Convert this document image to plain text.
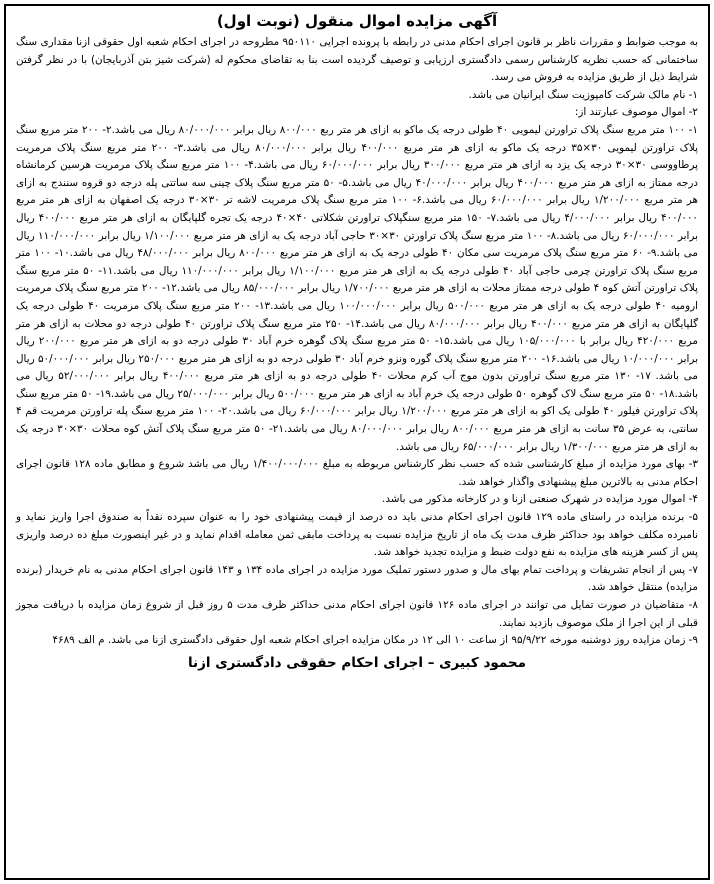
آگهی مزایده اموال منقول (نوبت اول)

به موجب ضوابط و مقررات ناظر بر قانون اجرای احکام مدنی در رابطه با پرونده اجرایی ۹۵۰۱۱۰ مطروحه در اجرای احکام شعبه اول حقوقی ازنا مقداری سنگ ساختمانی که حسب نظریه کارشناس رسمی دادگستری ارزیابی و توصیف گردیده است بنا به تقاضای محکوم له (شرکت شیز بتن آذربایجان) با در نظر گرفتن شرایط ذیل از طریق مزایده به فروش می رسد.

۱- نام مالک شرکت کامپوزیت سنگ ایرانیان می باشد.

۲- اموال موصوف عبارتند از:

۱- ۱۰۰ متر مربع سنگ پلاک تراورتن لیمویی ۴۰ طولی درجه یک ماکو به ازای هر متر ربع ۸۰۰/۰۰۰ ریال برابر ۸۰/۰۰۰/۰۰۰ ریال می باشد.۲- ۲۰۰ متر مربع سنگ پلاک تراورتن لیمویی ۳۰×۳۵ درجه یک ماکو به ازای هر متر مربع ۴۰۰/۰۰۰ ریال برابر ۸۰/۰۰۰/۰۰۰ ریال می باشد.۳- ۲۰۰ متر مربع سنگ پلاک مرمریت پرطاووسی ۳۰×۳۰ درجه یک یزد به ازای هر متر مربع ۳۰۰/۰۰۰ ریال برابر ۶۰/۰۰۰/۰۰۰ ریال می باشد.۴- ۱۰۰ متر مربع سنگ پلاک مرمریت هرسین کرمانشاه درجه ممتاز به ازای هر متر مربع ۴۰۰/۰۰۰ ریال برابر ۴۰/۰۰۰/۰۰۰ ریال می باشد.۵- ۵۰ متر مربع سنگ پلاک چینی سه ساتتی پله درجه دو قروه سنندج به ازای هر متر مربع ۱/۲۰۰/۰۰۰ ریال برابر ۶۰/۰۰۰/۰۰۰ ریال می باشد.۶- ۱۰۰ متر مربع سنگ پلاک مرمریت لاشه تر ۳۰×۳۰ درجه یک اصفهان به ازای هر متر مربع ۴۰۰/۰۰۰ ریال برابر ۴/۰۰۰/۰۰۰ ریال می باشد.۷- ۱۵۰ متر مربع سنگپلاک تراورتن شکلاتی ۴۰×۴۰ درجه یک تجره گلپایگان به ازای هر متر مربع ۴۰۰/۰۰۰ ریال برابر ۶۰/۰۰۰/۰۰۰ ریال می باشد.۸- ۱۰۰ متر مربع سنگ پلاک تراورتن ۳۰×۳۰ حاجی آباد درجه یک به ازای هر متر مربع ۱/۱۰۰/۰۰۰ ریال برابر ۱۱۰/۰۰۰/۰۰۰ ریال می باشد.۹- ۶۰ متر مربع سنگ پلاک مرمریت سی مکان ۴۰ طولی درجه یک به ازای هر متر مربع ۸۰۰/۰۰۰ ریال برابر ۴۸/۰۰۰/۰۰۰ ریال می باشد.۱۰- ۱۰۰ متر مربع سنگ پلاک تراورتن چرمی حاجی آباد ۴۰ طولی درجه یک به ازای هر متر مربع ۱/۱۰۰/۰۰۰ ریال برابر ۱۱۰/۰۰۰/۰۰۰ ریال می باشد.۱۱- ۵۰ متر مربع سنگ پلاک تراورتن آتش کوه ۴ طولی درجه ممتاز محلات به ازای هر متر مربع ۱/۷۰۰/۰۰۰ ریال برابر ۸۵/۰۰۰/۰۰۰ ریال می باشد.۱۲- ۲۰۰ متر مربع سنگ پلاک مرمریت ارومیه ۴۰ طولی درجه یک به ازای هر متر مربع ۵۰۰/۰۰۰ ریال برابر ۱۰۰/۰۰۰/۰۰۰ ریال می باشد.۱۳- ۲۰۰ متر مربع سنگ پلاک مرمریت ۴۰ طولی درجه یک گلپایگان به ازای هر متر مربع ۴۰۰/۰۰۰ ریال برابر ۸۰/۰۰۰/۰۰۰ ریال می باشد.۱۴- ۲۵۰ متر مربع سنگ پلاک تراورتن ۴۰ طولی درجه دو محلات به ازای هر متر مربع ۴۲۰/۰۰۰ ریال برابر با ۱۰۵/۰۰۰/۰۰۰ ریال می باشد.۱۵- ۵۰ متر مربع سنگ پلاک گوهره خرم آباد ۳۰ طولی درجه دو به ازای هر متر مربع ۲۰۰/۰۰۰ ریال برابر ۱۰/۰۰۰/۰۰۰ ریال می باشد.۱۶- ۲۰۰ متر مربع سنگ پلاک گوره ونزو خرم آباد ۳۰ طولی درجه دو به ازای هر متر مربع ۲۵۰/۰۰۰ ریال برابر ۵۰/۰۰۰/۰۰۰ ریال می باشد. ۱۷- ۱۳۰ متر مربع سنگ تراورتن بدون موج آب کرم محلات ۴۰ طولی درجه دو به ازای هر متر مربع ۴۰۰/۰۰۰ ریال برابر ۵۲/۰۰۰/۰۰۰ ریال می باشد.۱۸- ۵۰ متر مربع سنگ لاک گوهره ۵۰ طولی درجه یک خرم آباد به ازای هر متر مربع ۵۰۰/۰۰۰ ریال برابر ۲۵/۰۰۰/۰۰۰ ریال می باشد.۱۹- ۵۰ متر مربع سنگ پلاک تراورتن فیلور ۴۰ طولی یک اکو به ازای هر متر مربع ۱/۲۰۰/۰۰۰ ریال برابر ۶۰/۰۰۰/۰۰۰ ریال می باشد.۲۰- ۱۰۰ متر مربع سنگ پله تراورتن مرمریت قم ۴ سانتی، به عرض ۳۵ سانت به ازای هر متر مربع ۸۰۰/۰۰۰ ریال برابر ۸۰/۰۰۰/۰۰۰ ریال می باشد.۲۱- ۵۰ متر مربع سنگ پلاک آتش کوه محلات ۳۰×۳۰ درجه یک به ازای هر متر مربع ۱/۳۰۰/۰۰۰ ریال برابر ۶۵/۰۰۰/۰۰۰ ریال می باشد.

۳- بهای مورد مزایده از مبلغ کارشناسی شده که حسب نظر کارشناس مربوطه به مبلغ ۱/۴۰۰/۰۰۰/۰۰۰ ریال می باشد شروع و مطابق ماده ۱۲۸ قانون اجرای احکام مدنی به بالاترین مبلغ پیشنهادی واگذار خواهد شد.

۴- اموال مورد مزایده در شهرک صنعتی ازنا و در کارخانه مذکور می باشد.

۵- برنده مزایده در راستای ماده ۱۲۹ قانون اجرای احکام مدنی باید ده درصد از قیمت پیشنهادی خود را به عنوان سپرده نقداً به صندوق اجرا واریز نماید و نامبرده مکلف خواهد بود حداکثر ظرف مدت یک ماه از تاریخ مزایده نسبت به پرداخت مابقی ثمن معامله اقدام نماید و در غیر اینصورت مبلغ ده درصد واریزی پس از کسر هزینه های مزایده به نفع دولت ضبط و مزایده تجدید خواهد شد.

۷- پس از انجام تشریفات و پرداخت تمام بهای مال و صدور دستور تملیک مورد مزایده در اجرای ماده ۱۳۴ و ۱۴۳ قانون اجرای احکام مدنی به نام خریدار (برنده مزایده) منتقل خواهد شد.

۸- متقاضیان در صورت تمایل می توانند در اجرای ماده ۱۲۶ قانون اجرای احکام مدنی حداکثر ظرف مدت ۵ روز قبل از شروع زمان مزایده با دریافت مجوز قبلی از این اجرا از ملک موصوف بازدید نمایند.

۹- زمان مزایده روز دوشنبه مورخه ۹۵/۹/۲۲ از ساعت ۱۰ الی ۱۲ در مکان مزایده اجرای احکام شعبه اول حقوقی دادگستری ازنا می باشد. م الف ۴۶۸۹

محمود کبیری – اجرای احکام حقوقی دادگستری ازنا
